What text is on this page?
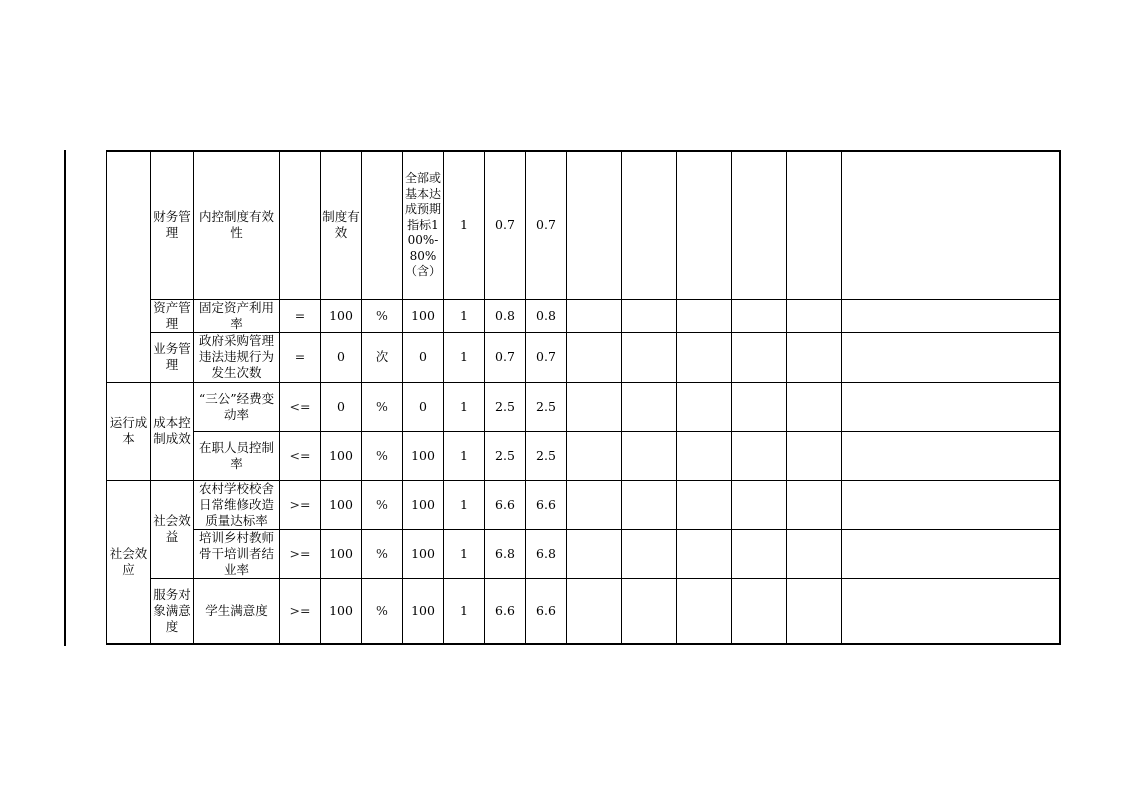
	财务管理	内控制度有效性		制度有效		全部或基本达成预期指标100%-80%（含）	1	0.7	0.7						
	资产管理	固定资产利用率	=	100	%	100	1	0.8	0.8						
	业务管理	政府采购管理违法违规行为发生次数	=	0	次	0	1	0.7	0.7						
运行成本	成本控制成效	“三公”经费变动率	<=	0	%	0	1	2.5	2.5						
		在职人员控制率	<=	100	%	100	1	2.5	2.5						
社会效应	社会效益	农村学校校舍日常维修改造质量达标率	>=	100	%	100	1	6.6	6.6						
		培训乡村教师骨干培训者结业率	>=	100	%	100	1	6.8	6.8						
	服务对象满意度	学生满意度	>=	100	%	100	1	6.6	6.6						
